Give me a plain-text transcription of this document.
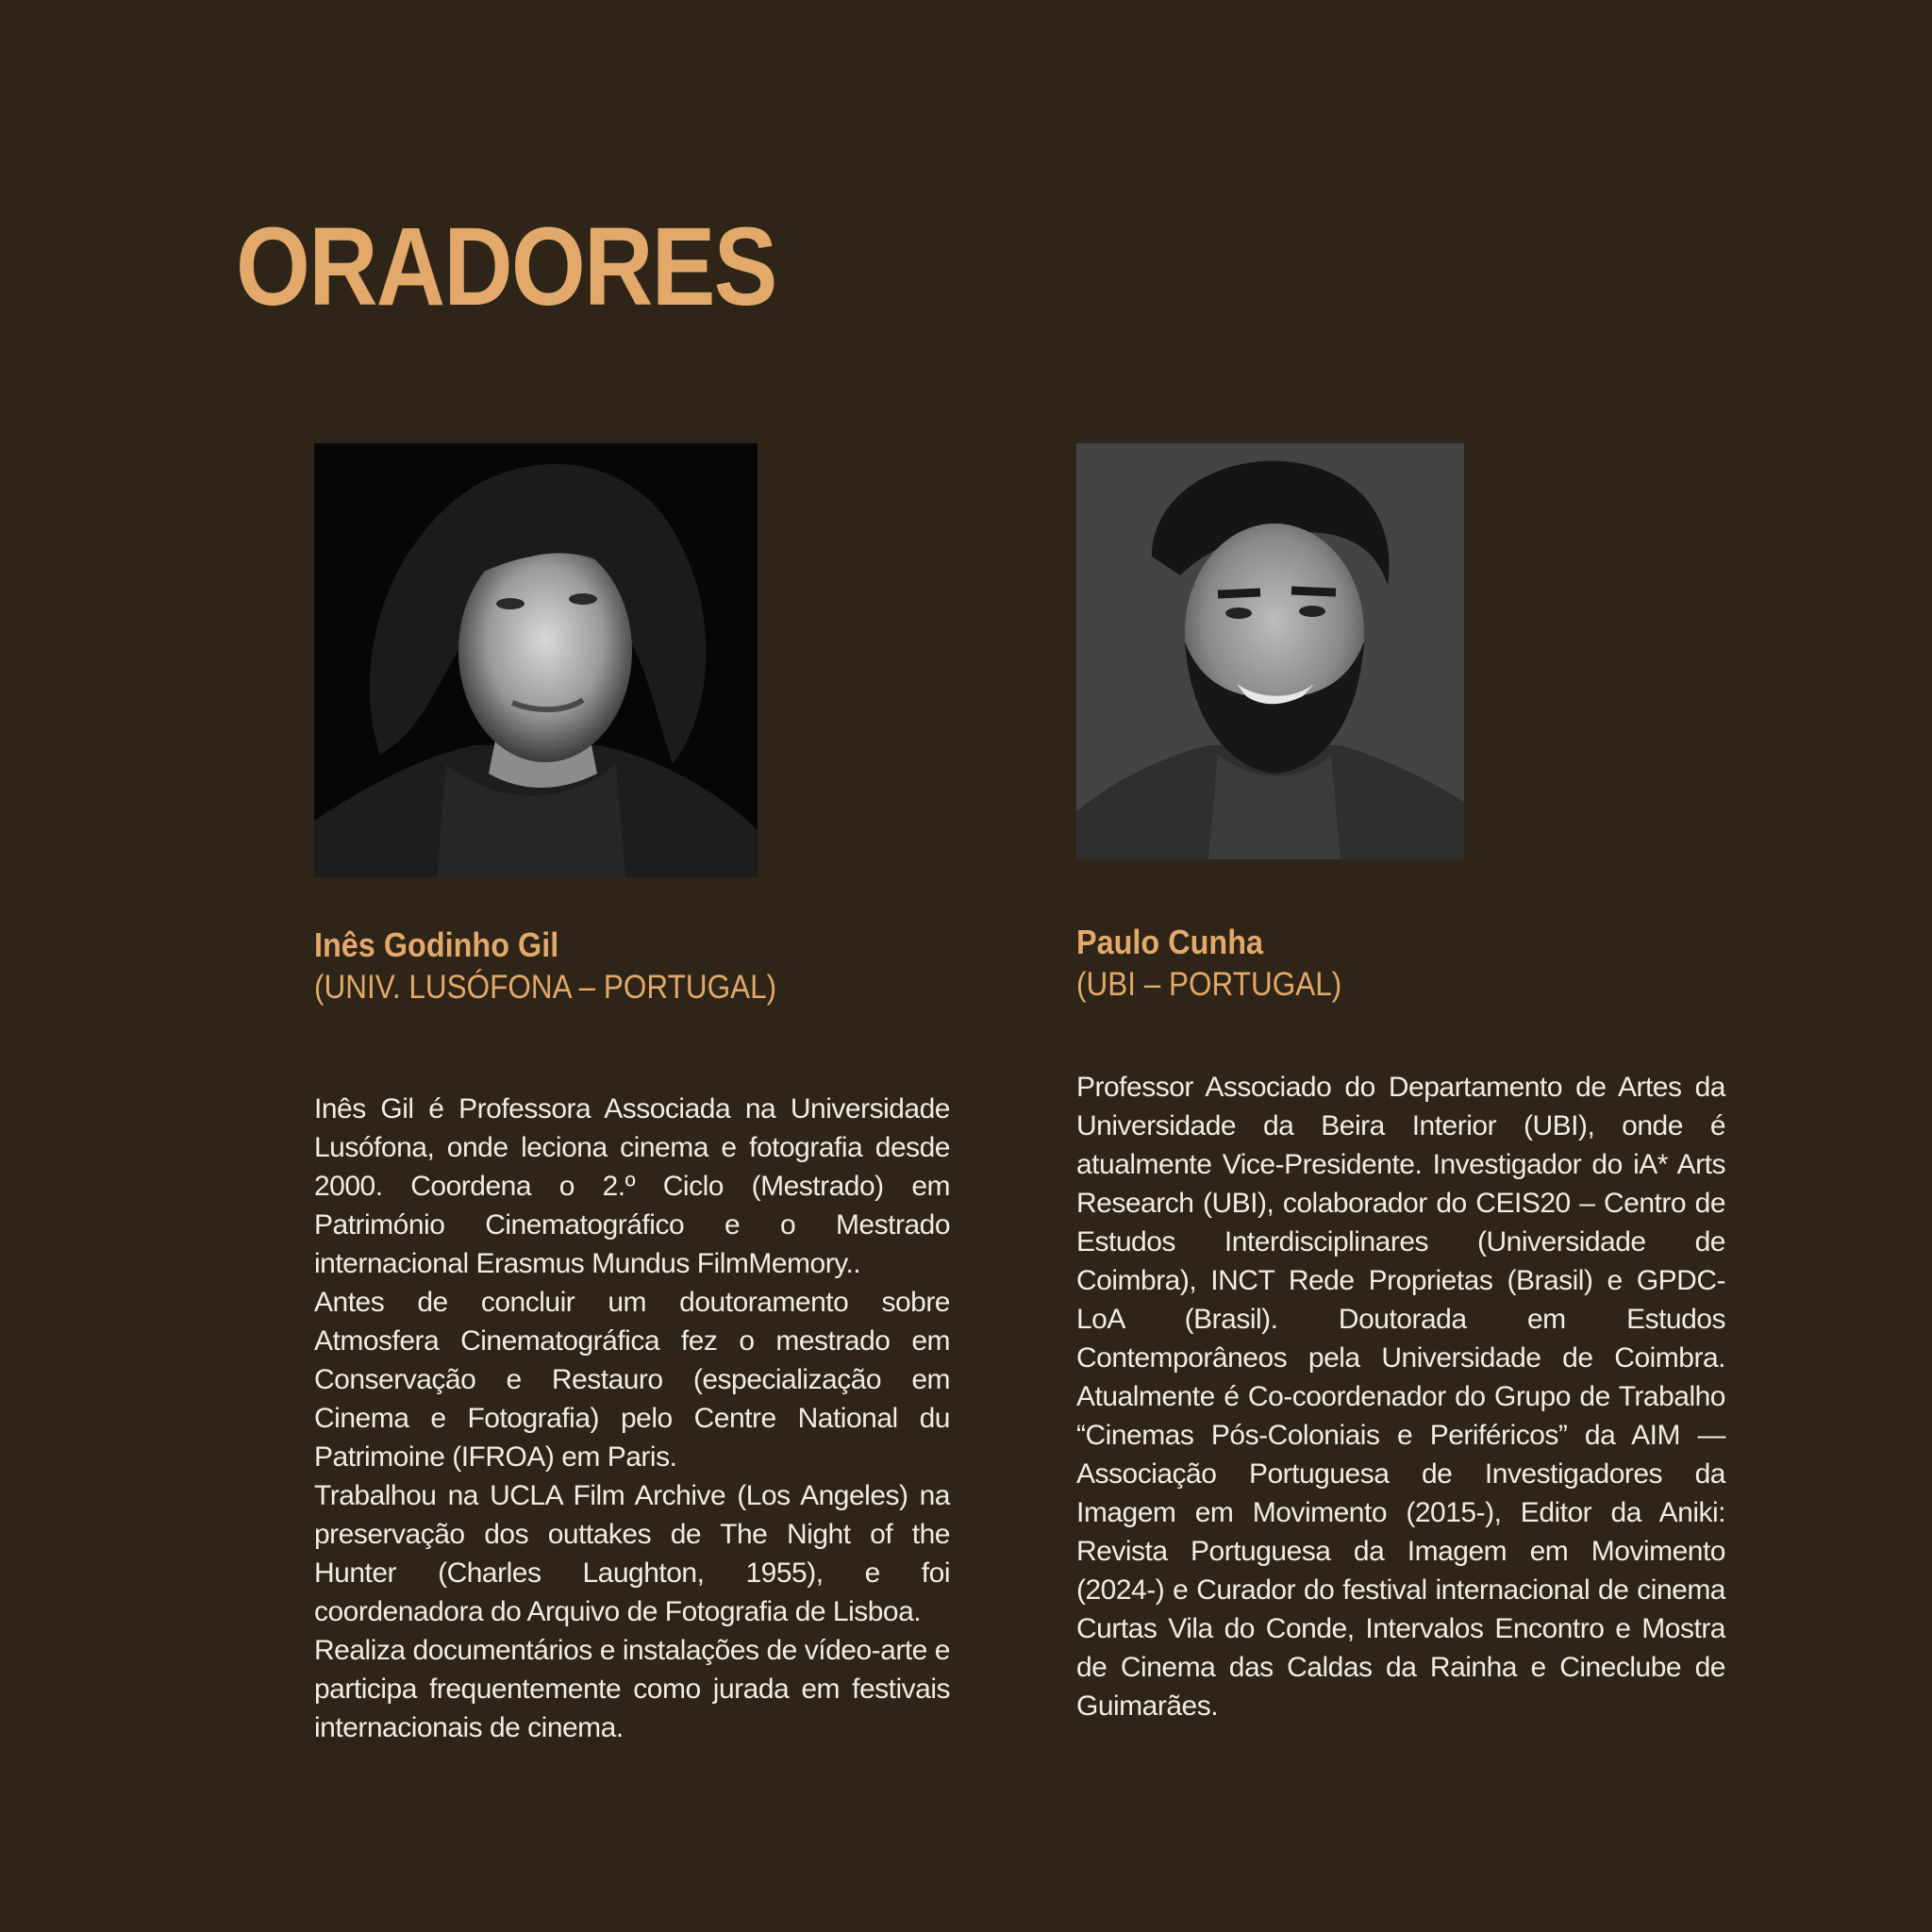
ORADORES
Inês Godinho Gil
(UNIV. LUSÓFONA – PORTUGAL)

Inês Gil é Professora Associada na Universidade Lusófona, onde leciona cinema e fotografia desde 2000. Coordena o 2.º Ciclo (Mestrado) em Património Cinematográfico e o Mestrado internacional Erasmus Mundus FilmMemory..

Antes de concluir um doutoramento sobre Atmosfera Cinematográfica fez o mestrado em Conservação e Restauro (especialização em Cinema e Fotografia) pelo Centre National du Patrimoine (IFROA) em Paris.

Trabalhou na UCLA Film Archive (Los Angeles) na preservação dos outtakes de The Night of the Hunter (Charles Laughton, 1955), e foi coordenadora do Arquivo de Fotografia de Lisboa.

Realiza documentários e instalações de vídeo-arte e participa frequentemente como jurada em festivais internacionais de cinema.

Paulo Cunha
(UBI – PORTUGAL)

Professor Associado do Departamento de Artes da Universidade da Beira Interior (UBI), onde é atualmente Vice-Presidente. Investigador do iA* Arts Research (UBI), colaborador do CEIS20 – Centro de Estudos Interdisciplinares (Universidade de Coimbra), INCT Rede Proprietas (Brasil) e GPDC-LoA (Brasil). Doutorada em Estudos Contemporâneos pela Universidade de Coimbra. Atualmente é Co-coordenador do Grupo de Trabalho “Cinemas Pós-Coloniais e Periféricos” da AIM — Associação Portuguesa de Investigadores da Imagem em Movimento (2015-), Editor da Aniki: Revista Portuguesa da Imagem em Movimento (2024-) e Curador do festival internacional de cinema Curtas Vila do Conde, Intervalos Encontro e Mostra de Cinema das Caldas da Rainha e Cineclube de Guimarães.
